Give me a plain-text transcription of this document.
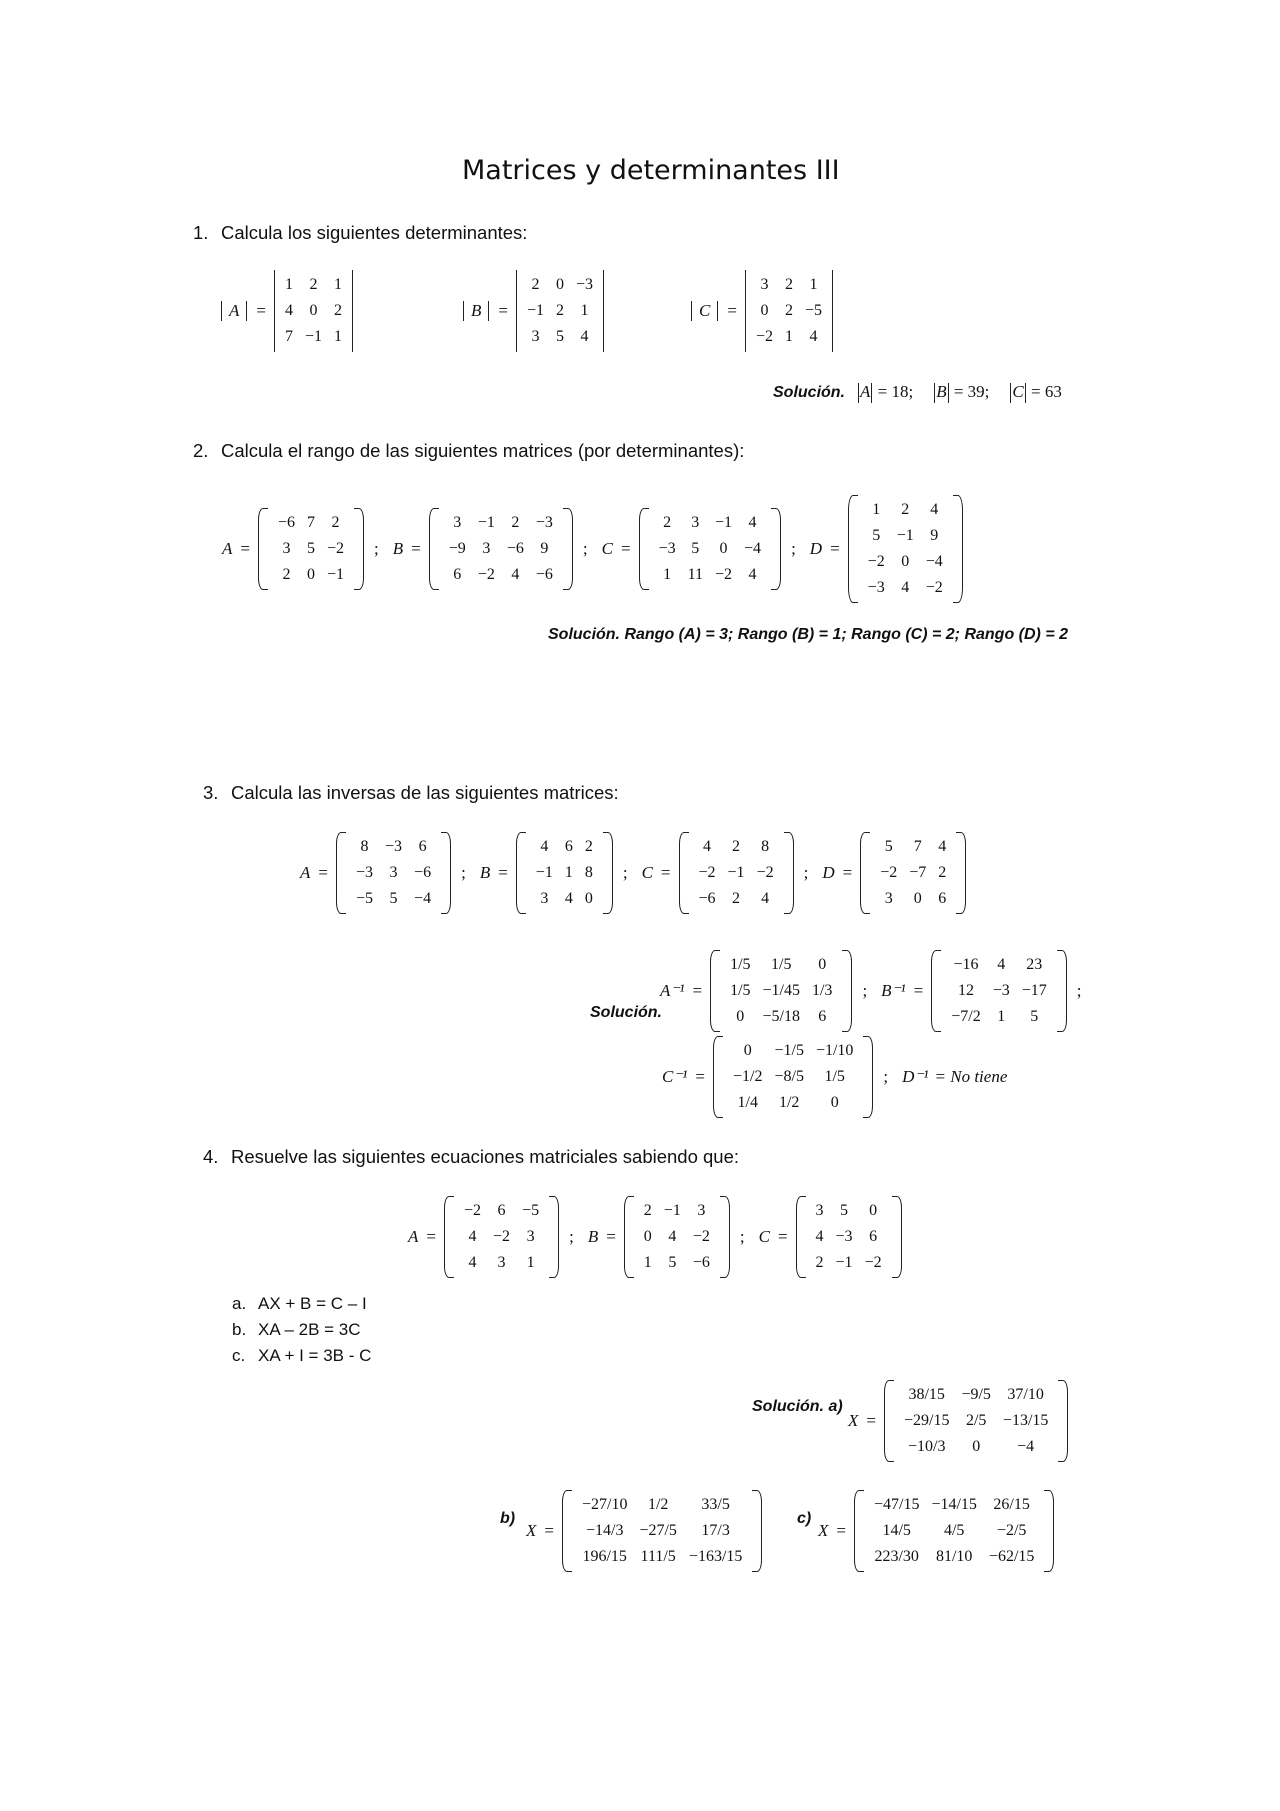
Matrices y determinantes III
1. Calcula los siguientes determinantes:
A =
1	2	1
4	0	2
7 −1 1
B =
2	0 −3
−1 2	1
3	5	4
C =
3	2	1
0	2 −5
−2 1	4
Solución. A = 18; B = 39; C = 63
2. Calcula el rango de las siguientes matrices (por determinantes):
A =
−6 7	2
3	5 −2
2	0 −1
; B =
3	−1	2	−3
−9	3	−6	9
6	−2	4	−6
; C =
2	3 −1	4
−3 5	0	−4
1	11 −2	4
; D =
1	2	4
5	−1	9
−2	0	−4
−3	4	−2
Solución. Rango (A) = 3; Rango (B) = 1; Rango (C) = 2; Rango (D) = 2
3. Calcula las inversas de las siguientes matrices:
A =
8	−3	6
−3	3	−6
−5	5	−4
; B =
4	6 2
−1 1 8
3	4 0
; C =
4	2	8
−2 −1 −2
−6	2	4
; D =
5	7	4
−2 −7 2
3	0	6
Solución.
A⁻¹ =
1/5	1/5	0
1/5 −1/45 1/3
0	−5/18	6
; B⁻¹ =
−16	4	23
12	−3 −17
−7/2	1	5
;
C⁻¹ =
0	−1/5 −1/10
−1/2 −8/5	1/5
1/4	1/2	0
; D⁻¹ = No tiene
4. Resuelve las siguientes ecuaciones matriciales sabiendo que:
A =
−2	6	−5
4	−2	3
4	3	1
; B =
2 −1	3
0	4	−2
1	5	−6
; C =
3	5	0
4 −3	6
2 −1 −2
a. AX + B = C – I
b. XA – 2B = 3C
c. XA + I = 3B - C
Solución. a)
X =
38/15	−9/5	37/10
−29/15	2/5	−13/15
−10/3	0	−4
b)
X =
−27/10	1/2	33/5
−14/3	−27/5	17/3
196/15 111/5 −163/15
c)
X =
−47/15 −14/15	26/15
14/5	4/5	−2/5
223/30	81/10	−62/15
